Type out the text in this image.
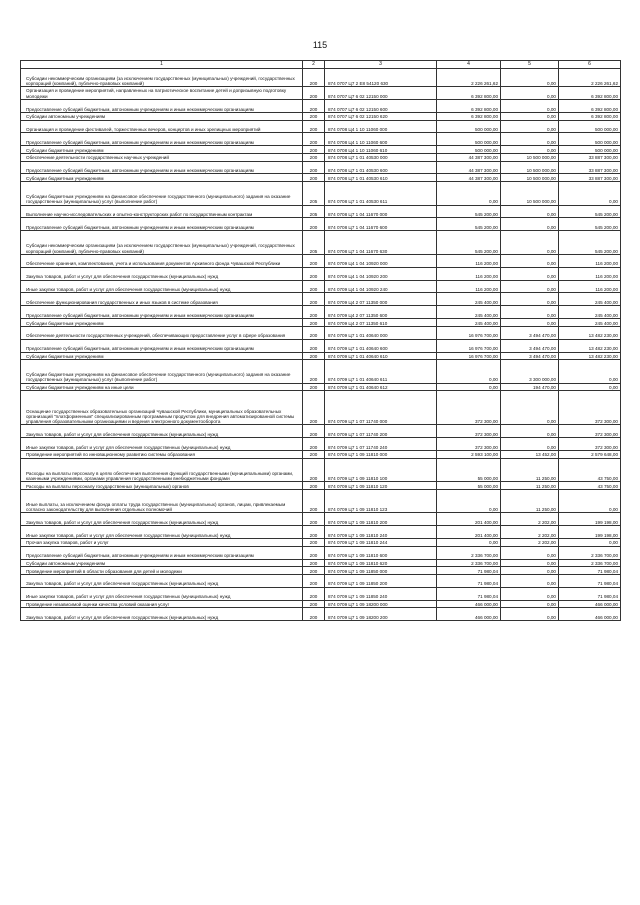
115
1	2	3	4	5	6
Субсидии некоммерческим организациям (за исключением государственных (муниципальных) учреждений, государственных корпораций (компаний), публично-правовых компаний)	200	874 0707 Ц7 2 E8 54120 630	2 226 261,62	0,00	2 226 261,62
Организация и проведение мероприятий, направленных на патриотическое воспитание детей и допризывную подготовку молодежи	200	874 0707 Ц7 6 02 12150 000	6 392 800,00	0,00	6 392 800,00
Предоставление субсидий бюджетным, автономным учреждениям и иным некоммерческим организациям	200	874 0707 Ц7 6 02 12150 600	6 392 800,00	0,00	6 392 800,00
Субсидии автономным учреждениям	200	874 0707 Ц7 6 02 12150 620	6 392 800,00	0,00	6 392 800,00
Организация и проведение фестивалей, торжественных вечеров, концертов и иных зрелищных мероприятий	200	874 0708 Ц4 1 10 11060 000	500 000,00	0,00	500 000,00
Предоставление субсидий бюджетным, автономным учреждениям и иным некоммерческим организациям	200	874 0708 Ц4 1 10 11060 600	500 000,00	0,00	500 000,00
Субсидии бюджетным учреждениям	200	874 0708 Ц4 1 10 11060 610	500 000,00	0,00	500 000,00
Обеспечение деятельности государственных научных учреждений	200	874 0708 Ц7 1 01 40530 000	44 387 300,00	10 500 000,00	33 887 300,00
Предоставление субсидий бюджетным, автономным учреждениям и иным некоммерческим организациям	200	874 0708 Ц7 1 01 40530 600	44 387 300,00	10 500 000,00	33 887 300,00
Субсидии бюджетным учреждениям	200	874 0708 Ц7 1 01 40530 610	44 387 300,00	10 500 000,00	33 887 300,00
Субсидии бюджетным учреждениям на финансовое обеспечение государственного (муниципального) задания на оказание государственных (муниципальных) услуг (выполнение работ)	205	874 0708 Ц7 1 01 40530 611	0,00	10 500 000,00	0,00
Выполнение научно-исследовательских и опытно-конструкторских работ по государственным контрактам	205	874 0708 Ц7 1 04 11670 000	545 200,00	0,00	545 200,00
Предоставление субсидий бюджетным, автономным учреждениям и иным некоммерческим организациям	200	874 0708 Ц7 1 04 11670 600	545 200,00	0,00	545 200,00
Субсидии некоммерческим организациям (за исключением государственных (муниципальных) учреждений, государственных корпораций (компаний), публично-правовых компаний)	205	874 0708 Ц7 1 04 11670 630	545 200,00	0,00	545 200,00
Обеспечение хранения, комплектования, учета и использования документов Архивного фонда Чувашской Республики	200	874 0709 Ц4 1 04 10920 000	116 200,00	0,00	116 200,00
Закупка товаров, работ и услуг для обеспечения государственных (муниципальных) нужд	200	874 0709 Ц4 1 04 10920 200	116 200,00	0,00	116 200,00
Иные закупки товаров, работ и услуг для обеспечения государственных (муниципальных) нужд	200	874 0709 Ц4 1 04 10920 240	116 200,00	0,00	116 200,00
Обеспечение функционирования государственных и иных языков в системе образования	200	874 0709 Ц4 2 07 11350 000	245 400,00	0,00	245 400,00
Предоставление субсидий бюджетным, автономным учреждениям и иным некоммерческим организациям	200	874 0709 Ц4 2 07 11350 600	245 400,00	0,00	245 400,00
Субсидии бюджетным учреждениям	200	874 0709 Ц4 2 07 11350 610	245 400,00	0,00	245 400,00
Обеспечение деятельности государственных учреждений, обеспечивающих предоставление услуг в сфере образования	200	874 0709 Ц7 1 01 40640 000	16 976 700,00	3 494 470,00	13 482 230,00
Предоставление субсидий бюджетным, автономным учреждениям и иным некоммерческим организациям	200	874 0709 Ц7 1 01 40640 600	16 976 700,00	3 494 470,00	13 482 230,00
Субсидии бюджетным учреждениям	200	874 0709 Ц7 1 01 40640 610	16 976 700,00	3 494 470,00	13 482 230,00
Субсидии бюджетным учреждениям на финансовое обеспечение государственного (муниципального) задания на оказание государственных (муниципальных) услуг (выполнение работ)	200	874 0709 Ц7 1 01 40640 611	0,00	3 300 000,00	0,00
Субсидии бюджетным учреждениям на иные цели	200	874 0709 Ц7 1 01 40640 612	0,00	194 470,00	0,00
Оснащение государственных образовательных организаций Чувашской Республики, муниципальных образовательных организаций "платформенным" специализированным программным продуктом для внедрения автоматизированной системы управления образовательными организациями и ведения электронного документооборота	200	874 0709 Ц7 1 07 11740 000	372 300,00	0,00	372 300,00
Закупка товаров, работ и услуг для обеспечения государственных (муниципальных) нужд	200	874 0709 Ц7 1 07 11740 200	372 300,00	0,00	372 300,00
Иные закупки товаров, работ и услуг для обеспечения государственных (муниципальных) нужд	200	874 0709 Ц7 1 07 11740 240	372 300,00	0,00	372 300,00
Проведение мероприятий по инновационному развитию системы образования	200	874 0709 Ц7 1 09 11810 000	2 593 100,00	13 452,00	2 579 648,00
Расходы на выплаты персоналу в целях обеспечения выполнения функций государственными (муниципальными) органами, казенными учреждениями, органами управления государственными внебюджетными фондами	200	874 0709 Ц7 1 09 11810 100	55 000,00	11 250,00	43 750,00
Расходы на выплаты персоналу государственных (муниципальных) органов	200	874 0709 Ц7 1 09 11810 120	55 000,00	11 250,00	43 750,00
Иные выплаты, за исключением фонда оплаты труда государственных (муниципальных) органов, лицам, привлекаемым согласно законодательству для выполнения отдельных полномочий	200	874 0709 Ц7 1 09 11810 123	0,00	11 250,00	0,00
Закупка товаров, работ и услуг для обеспечения государственных (муниципальных) нужд	200	874 0709 Ц7 1 09 11810 200	201 400,00	2 202,00	199 198,00
Иные закупки товаров, работ и услуг для обеспечения государственных (муниципальных) нужд	200	874 0709 Ц7 1 09 11810 240	201 400,00	2 202,00	199 198,00
Прочая закупка товаров, работ и услуг	200	874 0709 Ц7 1 09 11810 244	0,00	2 202,00	0,00
Предоставление субсидий бюджетным, автономным учреждениям и иным некоммерческим организациям	200	874 0709 Ц7 1 09 11810 600	2 336 700,00	0,00	2 336 700,00
Субсидии автономным учреждениям	200	874 0709 Ц7 1 09 11810 620	2 336 700,00	0,00	2 336 700,00
Проведение мероприятий в области образования для детей и молодежи	200	874 0709 Ц7 1 09 11850 000	71 980,04	0,00	71 980,04
Закупка товаров, работ и услуг для обеспечения государственных (муниципальных) нужд	200	874 0709 Ц7 1 09 11850 200	71 980,04	0,00	71 980,04
Иные закупки товаров, работ и услуг для обеспечения государственных (муниципальных) нужд	200	874 0709 Ц7 1 09 11850 240	71 980,04	0,00	71 980,04
Проведение независимой оценки качества условий оказания услуг	200	874 0709 Ц7 1 09 18200 000	466 000,00	0,00	466 000,00
Закупка товаров, работ и услуг для обеспечения государственных (муниципальных) нужд	200	874 0709 Ц7 1 09 18200 200	466 000,00	0,00	466 000,00
